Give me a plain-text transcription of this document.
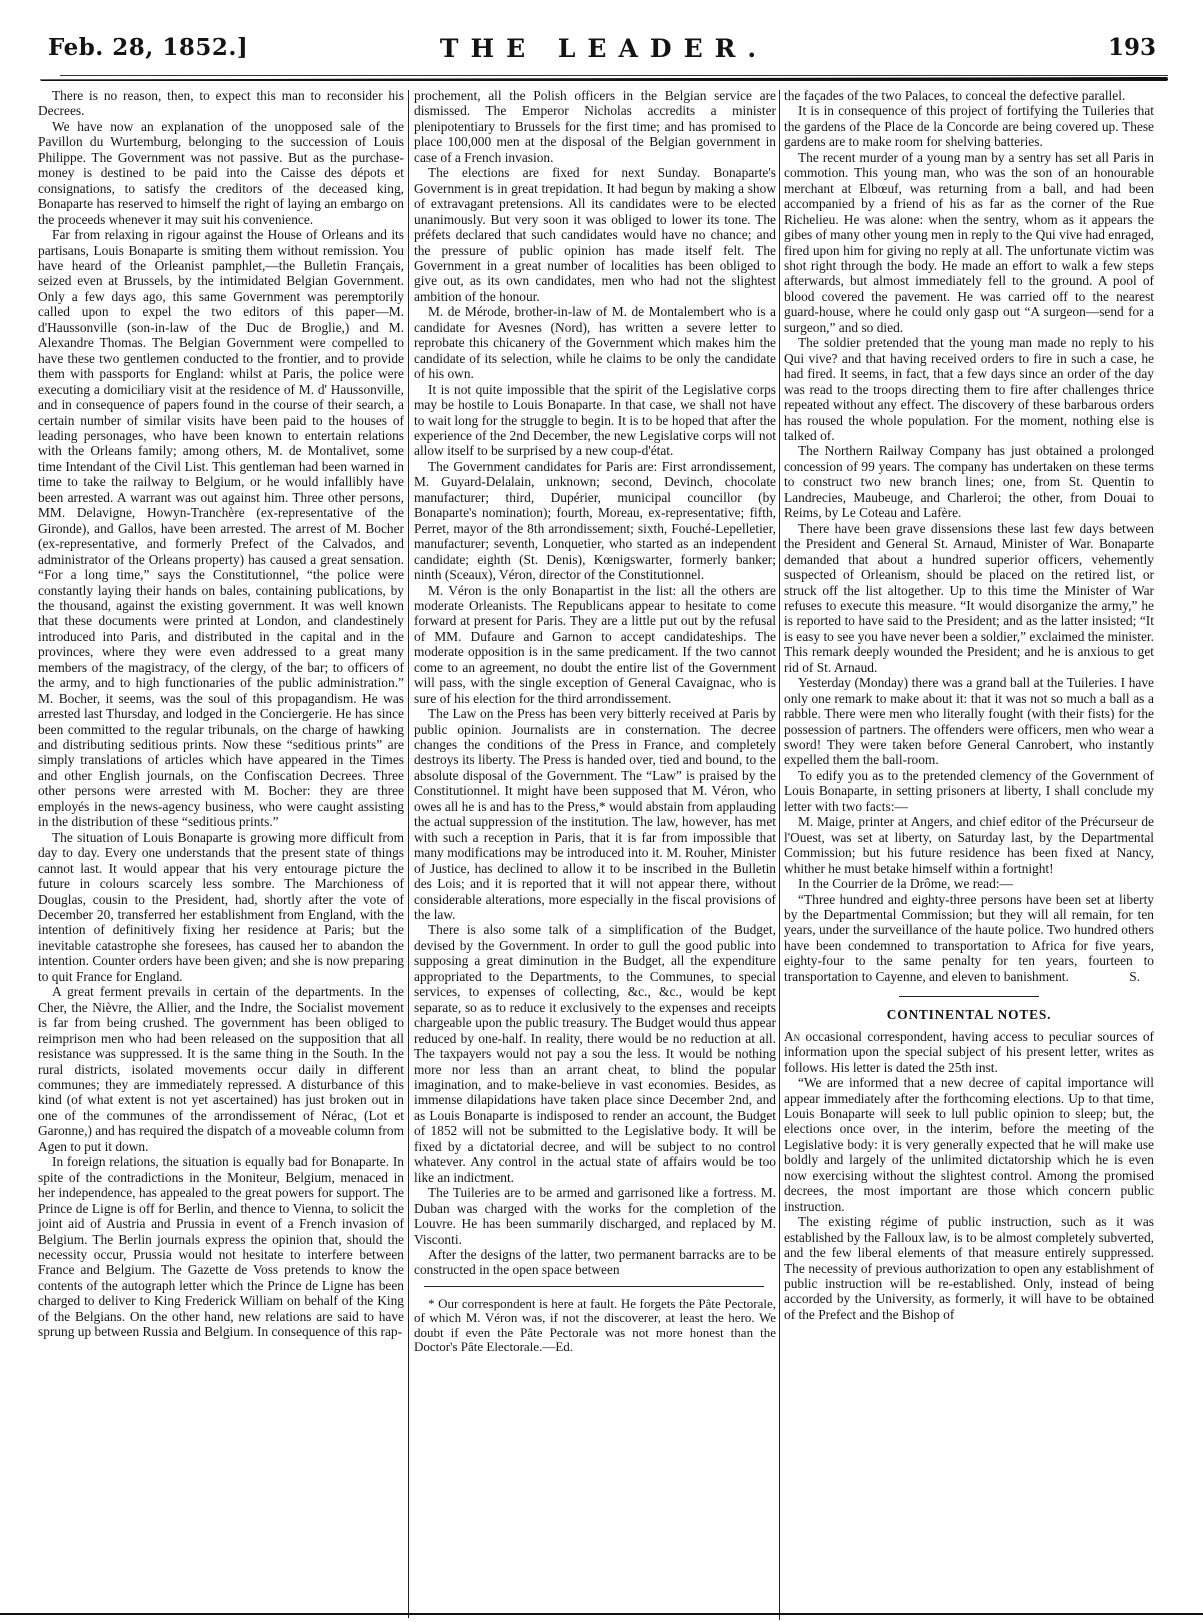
Feb. 28, 1852.]	THE LEADER.	193

There is no reason, then, to expect this man to reconsider his Decrees.

We have now an explanation of the unopposed sale of the Pavillon du Wurtemburg, belonging to the succession of Louis Philippe. The Government was not passive. But as the purchase-money is destined to be paid into the Caisse des dépots et consignations, to satisfy the creditors of the deceased king, Bonaparte has reserved to himself the right of laying an embargo on the proceeds whenever it may suit his convenience.

Far from relaxing in rigour against the House of Orleans and its partisans, Louis Bonaparte is smiting them without remission. You have heard of the Orleanist pamphlet,—the Bulletin Français, seized even at Brussels, by the intimidated Belgian Government. Only a few days ago, this same Government was peremptorily called upon to expel the two editors of this paper—M. d'Haussonville (son-in-law of the Duc de Broglie,) and M. Alexandre Thomas. The Belgian Government were compelled to have these two gentlemen conducted to the frontier, and to provide them with passports for England: whilst at Paris, the police were executing a domiciliary visit at the residence of M. d' Haussonville, and in consequence of papers found in the course of their search, a certain number of similar visits have been paid to the houses of leading personages, who have been known to entertain relations with the Orleans family; among others, M. de Montalivet, some time Intendant of the Civil List. This gentleman had been warned in time to take the railway to Belgium, or he would infallibly have been arrested. A warrant was out against him. Three other persons, MM. Delavigne, Howyn-Tranchère (ex-representative of the Gironde), and Gallos, have been arrested. The arrest of M. Bocher (ex-representative, and formerly Prefect of the Calvados, and administrator of the Orleans property) has caused a great sensation. “For a long time,” says the Constitutionnel, “the police were constantly laying their hands on bales, containing publications, by the thousand, against the existing government. It was well known that these documents were printed at London, and clandestinely introduced into Paris, and distributed in the capital and in the provinces, where they were even addressed to a great many members of the magistracy, of the clergy, of the bar; to officers of the army, and to high functionaries of the public administration.” M. Bocher, it seems, was the soul of this propagandism. He was arrested last Thursday, and lodged in the Conciergerie. He has since been committed to the regular tribunals, on the charge of hawking and distributing seditious prints. Now these “seditious prints” are simply translations of articles which have appeared in the Times and other English journals, on the Confiscation Decrees. Three other persons were arrested with M. Bocher: they are three employés in the news-agency business, who were caught assisting in the distribution of these “seditious prints.”

The situation of Louis Bonaparte is growing more difficult from day to day. Every one understands that the present state of things cannot last. It would appear that his very entourage picture the future in colours scarcely less sombre. The Marchioness of Douglas, cousin to the President, had, shortly after the vote of December 20, transferred her establishment from England, with the intention of definitively fixing her residence at Paris; but the inevitable catastrophe she foresees, has caused her to abandon the intention. Counter orders have been given; and she is now preparing to quit France for England.

A great ferment prevails in certain of the departments. In the Cher, the Nièvre, the Allier, and the Indre, the Socialist movement is far from being crushed. The government has been obliged to reimprison men who had been released on the supposition that all resistance was suppressed. It is the same thing in the South. In the rural districts, isolated movements occur daily in different communes; they are immediately repressed. A disturbance of this kind (of what extent is not yet ascertained) has just broken out in one of the communes of the arrondissement of Nérac, (Lot et Garonne,) and has required the dispatch of a moveable column from Agen to put it down.

In foreign relations, the situation is equally bad for Bonaparte. In spite of the contradictions in the Moniteur, Belgium, menaced in her independence, has appealed to the great powers for support. The Prince de Ligne is off for Berlin, and thence to Vienna, to solicit the joint aid of Austria and Prussia in event of a French invasion of Belgium. The Berlin journals express the opinion that, should the necessity occur, Prussia would not hesitate to interfere between France and Belgium. The Gazette de Voss pretends to know the contents of the autograph letter which the Prince de Ligne has been charged to deliver to King Frederick William on behalf of the King of the Belgians. On the other hand, new relations are said to have sprung up between Russia and Belgium. In consequence of this rap-

prochement, all the Polish officers in the Belgian service are dismissed. The Emperor Nicholas accredits a minister plenipotentiary to Brussels for the first time; and has promised to place 100,000 men at the disposal of the Belgian government in case of a French invasion.

The elections are fixed for next Sunday. Bonaparte's Government is in great trepidation. It had begun by making a show of extravagant pretensions. All its candidates were to be elected unanimously. But very soon it was obliged to lower its tone. The préfets declared that such candidates would have no chance; and the pressure of public opinion has made itself felt. The Government in a great number of localities has been obliged to give out, as its own candidates, men who had not the slightest ambition of the honour.

M. de Mérode, brother-in-law of M. de Montalembert who is a candidate for Avesnes (Nord), has written a severe letter to reprobate this chicanery of the Government which makes him the candidate of its selection, while he claims to be only the candidate of his own.

It is not quite impossible that the spirit of the Legislative corps may be hostile to Louis Bonaparte. In that case, we shall not have to wait long for the struggle to begin. It is to be hoped that after the experience of the 2nd December, the new Legislative corps will not allow itself to be surprised by a new coup-d'état.

The Government candidates for Paris are: First arrondissement, M. Guyard-Delalain, unknown; second, Devinch, chocolate manufacturer; third, Dupérier, municipal councillor (by Bonaparte's nomination); fourth, Moreau, ex-representative; fifth, Perret, mayor of the 8th arrondissement; sixth, Fouché-Lepelletier, manufacturer; seventh, Lonquetier, who started as an independent candidate; eighth (St. Denis), Kœnigswarter, formerly banker; ninth (Sceaux), Véron, director of the Constitutionnel.

M. Véron is the only Bonapartist in the list: all the others are moderate Orleanists. The Republicans appear to hesitate to come forward at present for Paris. They are a little put out by the refusal of MM. Dufaure and Garnon to accept candidateships. The moderate opposition is in the same predicament. If the two cannot come to an agreement, no doubt the entire list of the Government will pass, with the single exception of General Cavaignac, who is sure of his election for the third arrondissement.

The Law on the Press has been very bitterly received at Paris by public opinion. Journalists are in consternation. The decree changes the conditions of the Press in France, and completely destroys its liberty. The Press is handed over, tied and bound, to the absolute disposal of the Government. The “Law” is praised by the Constitutionnel. It might have been supposed that M. Véron, who owes all he is and has to the Press,* would abstain from applauding the actual suppression of the institution. The law, however, has met with such a reception in Paris, that it is far from impossible that many modifications may be introduced into it. M. Rouher, Minister of Justice, has declined to allow it to be inscribed in the Bulletin des Lois; and it is reported that it will not appear there, without considerable alterations, more especially in the fiscal provisions of the law.

There is also some talk of a simplification of the Budget, devised by the Government. In order to gull the good public into supposing a great diminution in the Budget, all the expenditure appropriated to the Departments, to the Communes, to special services, to expenses of collecting, &c., &c., would be kept separate, so as to reduce it exclusively to the expenses and receipts chargeable upon the public treasury. The Budget would thus appear reduced by one-half. In reality, there would be no reduction at all. The taxpayers would not pay a sou the less. It would be nothing more nor less than an arrant cheat, to blind the popular imagination, and to make-believe in vast economies. Besides, as immense dilapidations have taken place since December 2nd, and as Louis Bonaparte is indisposed to render an account, the Budget of 1852 will not be submitted to the Legislative body. It will be fixed by a dictatorial decree, and will be subject to no control whatever. Any control in the actual state of affairs would be too like an indictment.

The Tuileries are to be armed and garrisoned like a fortress. M. Duban was charged with the works for the completion of the Louvre. He has been summarily discharged, and replaced by M. Visconti.

After the designs of the latter, two permanent barracks are to be constructed in the open space between

* Our correspondent is here at fault. He forgets the Pâte Pectorale, of which M. Véron was, if not the discoverer, at least the hero. We doubt if even the Pâte Pectorale was not more honest than the Doctor's Pâte Electorale.—Ed.

the façades of the two Palaces, to conceal the defective parallel.

It is in consequence of this project of fortifying the Tuileries that the gardens of the Place de la Concorde are being covered up. These gardens are to make room for shelving batteries.

The recent murder of a young man by a sentry has set all Paris in commotion. This young man, who was the son of an honourable merchant at Elbœuf, was returning from a ball, and had been accompanied by a friend of his as far as the corner of the Rue Richelieu. He was alone: when the sentry, whom as it appears the gibes of many other young men in reply to the Qui vive had enraged, fired upon him for giving no reply at all. The unfortunate victim was shot right through the body. He made an effort to walk a few steps afterwards, but almost immediately fell to the ground. A pool of blood covered the pavement. He was carried off to the nearest guard-house, where he could only gasp out “A surgeon—send for a surgeon,” and so died.

The soldier pretended that the young man made no reply to his Qui vive? and that having received orders to fire in such a case, he had fired. It seems, in fact, that a few days since an order of the day was read to the troops directing them to fire after challenges thrice repeated without any effect. The discovery of these barbarous orders has roused the whole population. For the moment, nothing else is talked of.

The Northern Railway Company has just obtained a prolonged concession of 99 years. The company has undertaken on these terms to construct two new branch lines; one, from St. Quentin to Landrecies, Maubeuge, and Charleroi; the other, from Douai to Reims, by Le Coteau and Lafère.

There have been grave dissensions these last few days between the President and General St. Arnaud, Minister of War. Bonaparte demanded that about a hundred superior officers, vehemently suspected of Orleanism, should be placed on the retired list, or struck off the list altogether. Up to this time the Minister of War refuses to execute this measure. “It would disorganize the army,” he is reported to have said to the President; and as the latter insisted; “It is easy to see you have never been a soldier,” exclaimed the minister. This remark deeply wounded the President; and he is anxious to get rid of St. Arnaud.

Yesterday (Monday) there was a grand ball at the Tuileries. I have only one remark to make about it: that it was not so much a ball as a rabble. There were men who literally fought (with their fists) for the possession of partners. The offenders were officers, men who wear a sword! They were taken before General Canrobert, who instantly expelled them the ball-room.

To edify you as to the pretended clemency of the Government of Louis Bonaparte, in setting prisoners at liberty, I shall conclude my letter with two facts:—

M. Maige, printer at Angers, and chief editor of the Précurseur de l'Ouest, was set at liberty, on Saturday last, by the Departmental Commission; but his future residence has been fixed at Nancy, whither he must betake himself within a fortnight!

In the Courrier de la Drôme, we read:—

“Three hundred and eighty-three persons have been set at liberty by the Departmental Commission; but they will all remain, for ten years, under the surveillance of the haute police. Two hundred others have been condemned to transportation to Africa for five years, eighty-four to the same penalty for ten years, fourteen to transportation to Cayenne, and eleven to banishment.	S.

CONTINENTAL NOTES.

An occasional correspondent, having access to peculiar sources of information upon the special subject of his present letter, writes as follows. His letter is dated the 25th inst.

“We are informed that a new decree of capital importance will appear immediately after the forthcoming elections. Up to that time, Louis Bonaparte will seek to lull public opinion to sleep; but, the elections once over, in the interim, before the meeting of the Legislative body: it is very generally expected that he will make use boldly and largely of the unlimited dictatorship which he is even now exercising without the slightest control. Among the promised decrees, the most important are those which concern public instruction.

The existing régime of public instruction, such as it was established by the Falloux law, is to be almost completely subverted, and the few liberal elements of that measure entirely suppressed. The necessity of previous authorization to open any establishment of public instruction will be re-established. Only, instead of being accorded by the University, as formerly, it will have to be obtained of the Prefect and the Bishop of
